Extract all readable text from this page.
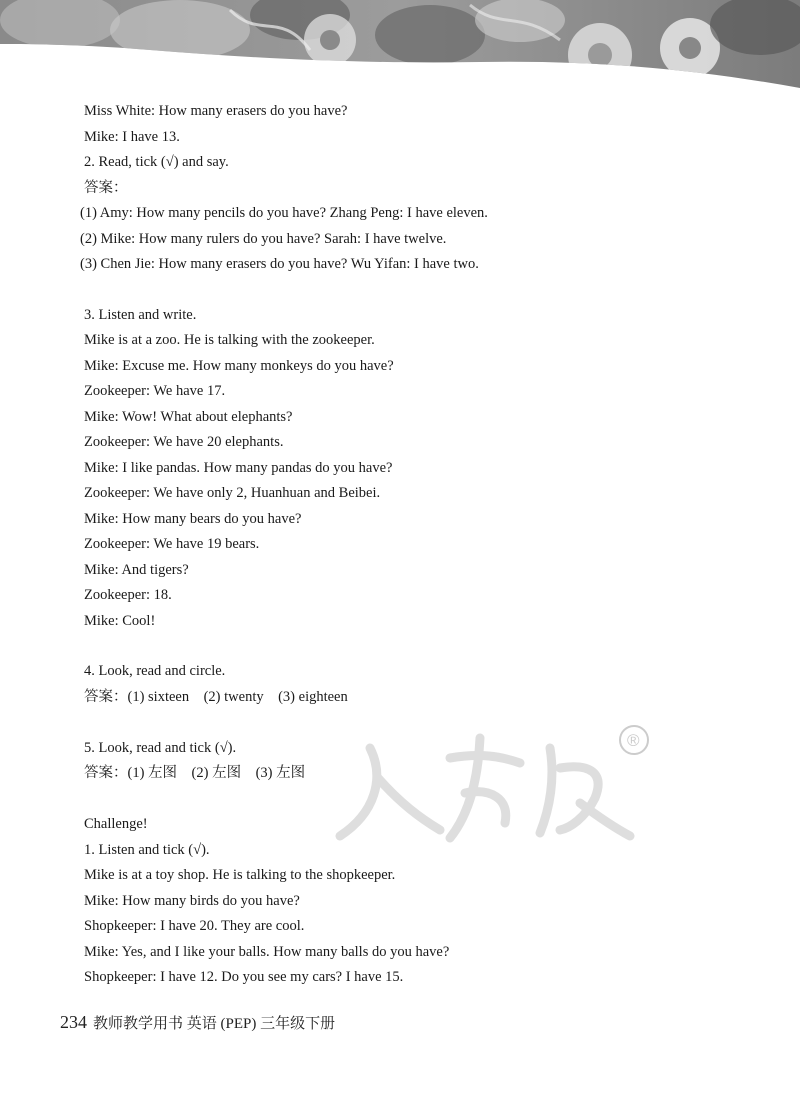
Miss White: How many erasers do you have?
Mike: I have 13.
2. Read, tick (√) and say.
答案：
(1) Amy: How many pencils do you have? Zhang Peng: I have eleven.
(2) Mike: How many rulers do you have? Sarah: I have twelve.
(3) Chen Jie: How many erasers do you have? Wu Yifan: I have two.
3. Listen and write.
Mike is at a zoo. He is talking with the zookeeper.
Mike: Excuse me. How many monkeys do you have?
Zookeeper: We have 17.
Mike: Wow! What about elephants?
Zookeeper: We have 20 elephants.
Mike: I like pandas. How many pandas do you have?
Zookeeper: We have only 2, Huanhuan and Beibei.
Mike: How many bears do you have?
Zookeeper: We have 19 bears.
Mike: And tigers?
Zookeeper: 18.
Mike: Cool!
4. Look, read and circle.
答案：(1) sixteen　(2) twenty　(3) eighteen
5. Look, read and tick (√).
答案：(1) 左图　(2) 左图　(3) 左图
Challenge!
1. Listen and tick (√).
Mike is at a toy shop. He is talking to the shopkeeper.
Mike: How many birds do you have?
Shopkeeper: I have 20. They are cool.
Mike: Yes, and I like your balls. How many balls do you have?
Shopkeeper: I have 12. Do you see my cars? I have 15.
®
234 教师教学用书 英语 (PEP) 三年级下册
